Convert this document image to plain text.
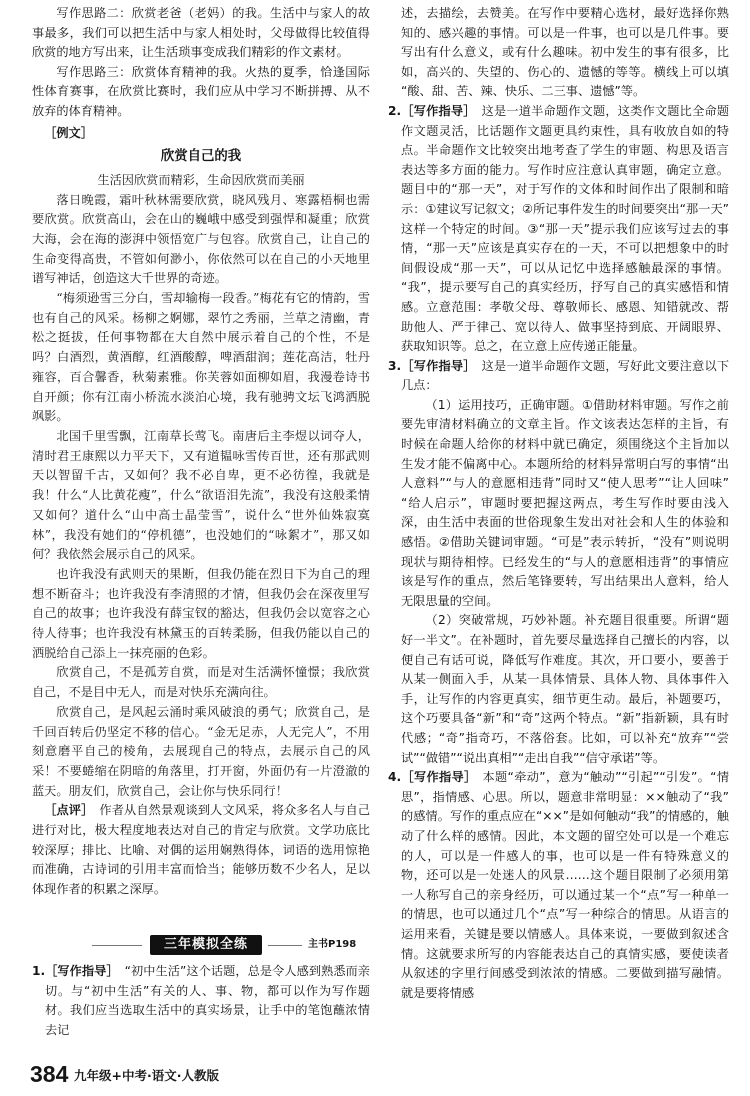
写作思路二：欣赏老爸（老妈）的我。生活中与家人的故事最多，我们可以把生活中与家人相处时，父母做得比较值得欣赏的地方写出来，让生活琐事变成我们精彩的作文素材。

写作思路三：欣赏体育精神的我。火热的夏季，恰逢国际性体育赛事，在欣赏比赛时，我们应从中学习不断拼搏、从不放弃的体育精神。

［例文］

欣赏自己的我

生活因欣赏而精彩，生命因欣赏而美丽

落日晚霞，霜叶秋林需要欣赏，晓风残月、寒露梧桐也需要欣赏。欣赏高山，会在山的巍峨中感受到强悍和凝重；欣赏大海，会在海的澎湃中领悟宽广与包容。欣赏自己，让自己的生命变得高贵，不管如何渺小，你依然可以在自己的小天地里谱写神话，创造这大千世界的奇迹。

“梅须逊雪三分白，雪却输梅一段香。”梅花有它的情韵，雪也有自己的风采。杨柳之婀娜，翠竹之秀丽，兰草之清幽，青松之挺拔，任何事物都在大自然中展示着自己的个性，不是吗？白酒烈，黄酒醇，红酒酸醇，啤酒甜润；莲花高洁，牡丹雍容，百合馨香，秋菊素雅。你芙蓉如面柳如眉，我漫卷诗书自开颜；你有江南小桥流水淡泊心境，我有驰骋文坛飞鸿洒脱飒影。

北国千里雪飘，江南草长莺飞。南唐后主李煜以词夺人，清时君王康熙以力平天下，又有道韫咏雪传百世，还有那武则天以智留千古，又如何？我不必自卑，更不必彷徨，我就是我！什么“人比黄花瘦”，什么“欲语泪先流”，我没有这般柔情又如何？道什么“山中高士晶莹雪”，说什么“世外仙姝寂寞林”，我没有她们的“停机德”，也没她们的“咏絮才”，那又如何？我依然会展示自己的风采。

也许我没有武则天的果断，但我仍能在烈日下为自己的理想不断奋斗；也许我没有李清照的才情，但我仍会在深夜里写自己的故事；也许我没有薛宝钗的豁达，但我仍会以宽容之心待人待事；也许我没有林黛玉的百转柔肠，但我仍能以自己的洒脱给自己添上一抹亮丽的色彩。

欣赏自己，不是孤芳自赏，而是对生活满怀憧憬；我欣赏自己，不是目中无人，而是对快乐充满向往。

欣赏自己，是风起云涌时乘风破浪的勇气；欣赏自己，是千回百转后仍坚定不移的信心。“金无足赤，人无完人”，不用刻意磨平自己的棱角，去展现自己的特点，去展示自己的风采！不要蜷缩在阴暗的角落里，打开窗，外面仍有一片澄澈的蓝天。朋友们，欣赏自己，会让你与快乐同行！

［点评］ 作者从自然景观谈到人文风采，将众多名人与自己进行对比，极大程度地表达对自己的肯定与欣赏。文学功底比较深厚；排比、比喻、对偶的运用娴熟得体，词语的选用惊艳而准确，古诗词的引用丰富而恰当；能够历数不少名人，足以体现作者的积累之深厚。

三年模拟全练	主书P198

1.［写作指导］ “初中生活”这个话题，总是令人感到熟悉而亲切。与“初中生活”有关的人、事、物，都可以作为写作题材。我们应当选取生活中的真实场景，让手中的笔饱蘸浓情去记

述，去描绘，去赞美。在写作中要精心选材，最好选择你熟知的、感兴趣的事情。可以是一件事，也可以是几件事。要写出有什么意义，或有什么趣味。初中发生的事有很多，比如，高兴的、失望的、伤心的、遗憾的等等。横线上可以填“酸、甜、苦、辣、快乐、二三事、遗憾”等。

2.［写作指导］ 这是一道半命题作文题，这类作文题比全命题作文题灵活，比话题作文题更具约束性，具有收放自如的特点。半命题作文比较突出地考查了学生的审题、构思及语言表达等多方面的能力。写作时应注意认真审题，确定立意。题目中的“那一天”，对于写作的文体和时间作出了限制和暗示：①建议写记叙文；②所记事件发生的时间要突出“那一天”这样一个特定的时间。③“那一天”提示我们应该写过去的事情，“那一天”应该是真实存在的一天，不可以把想象中的时间假设成“那一天”，可以从记忆中选择感触最深的事情。“我”，提示要写自己的真实经历，抒写自己的真实感悟和情感。立意范围：孝敬父母、尊敬师长、感恩、知错就改、帮助他人、严于律己、宽以待人、做事坚持到底、开阔眼界、获取知识等。总之，在立意上应传递正能量。

3.［写作指导］ 这是一道半命题作文题，写好此文要注意以下几点：

（1）运用技巧，正确审题。①借助材料审题。写作之前要先审清材料确立的文章主旨。作文该表达怎样的主旨，有时候在命题人给你的材料中就已确定，须围绕这个主旨加以生发才能不偏离中心。本题所给的材料异常明白写的事情“出人意料”“与人的意愿相违背”同时又“使人思考”“让人回味”“给人启示”，审题时要把握这两点，考生写作时要由浅入深，由生活中表面的世俗现象生发出对社会和人生的体验和感悟。②借助关键词审题。“可是”表示转折，“没有”则说明现状与期待相悖。已经发生的“与人的意愿相违背”的事情应该是写作的重点，然后笔锋要转，写出结果出人意料，给人无限思量的空间。

（2）突破常规，巧妙补题。补充题目很重要。所谓“题好一半文”。在补题时，首先要尽量选择自己擅长的内容，以便自己有话可说，降低写作难度。其次，开口要小，要善于从某一侧面入手，从某一具体情景、具体人物、具体事件入手，让写作的内容更真实，细节更生动。最后，补题要巧，这个巧要具备“新”和“奇”这两个特点。“新”指新颖，具有时代感；“奇”指奇巧，不落俗套。比如，可以补充“放弃”“尝试”“做错”“说出真相”“走出自我”“信守承诺”等。

4.［写作指导］ 本题“牵动”，意为“触动”“引起”“引发”。“情思”，指情感、心思。所以，题意非常明显：××触动了“我”的感情。写作的重点应在“××”是如何触动“我”的情感的，触动了什么样的感情。因此，本文题的留空处可以是一个难忘的人，可以是一件感人的事，也可以是一件有特殊意义的物，还可以是一处迷人的风景……这个题目限制了必须用第一人称写自己的亲身经历，可以通过某一个“点”写一种单一的情思，也可以通过几个“点”写一种综合的情思。从语言的运用来看，关键是要以情感人。具体来说，一要做到叙述含情。这就要求所写的内容能表达自己的真情实感，要使读者从叙述的字里行间感受到浓浓的情感。二要做到描写融情。就是要将情感

384 九年级+中考·语文·人教版
